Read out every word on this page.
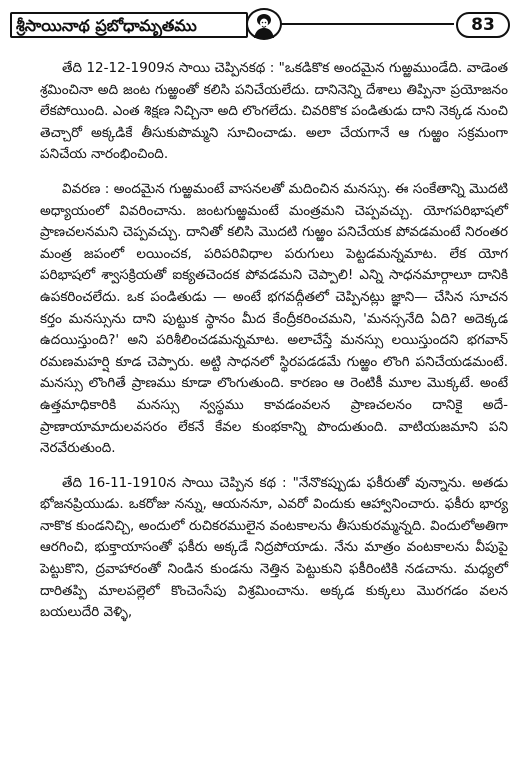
శ్రీసాయినాథ ప్రబోధామృతము	83

తేది 12-12-1909న సాయి చెప్పినకథ : "ఒకడికొక అందమైన గుఱ్ఱముండేది. వాడెంత శ్రమించినా అది జంట గుఱ్ఱంతో కలిసి పనిచేయలేదు. దానినెన్ని దేశాలు తిప్పినా ప్రయోజనం లేకపోయింది. ఎంత శిక్షణ నిచ్చినా అది లొంగలేదు. చివరికొక పండితుడు దాని నెక్కడ నుంచి తెచ్చారో అక్కడికే తీసుకుపొమ్మని సూచించాడు. అలా చేయగానే ఆ గుఱ్ఱం సక్రమంగా పనిచేయ నారంభించింది.

వివరణ : అందమైన గుఱ్ఱమంటే వాసనలతో మదించిన మనస్సు. ఈ సంకేతాన్ని మొదటి అధ్యాయంలో వివరించాను. జంటగుఱ్ఱమంటే మంత్రమని చెప్పవచ్చు. యోగపరిభాషలో ప్రాణచలనమని చెప్పవచ్చు. దానితో కలిసి మొదటి గుఱ్ఱం పనిచేయక పోవడమంటే నిరంతర మంత్ర జపంలో లయించక, పరిపరివిధాల పరుగులు పెట్టడమన్నమాట. లేక యోగ పరిభాషలో శ్వాసక్రియతో ఐక్యతచెందక పోవడమని చెప్పాలి! ఎన్ని సాధనమార్గాలూ దానికి ఉపకరించలేదు. ఒక పండితుడు — అంటే భగవద్గీతలో చెప్పినట్లు జ్ఞాని— చేసిన సూచన కర్తం మనస్సును దాని పుట్టుక స్థానం మీద కేంద్రీకరించమని, 'మనస్సనేది ఏది? అదెక్కడ ఉదయిస్తుంది?' అని పరిశీలించడమన్నమాట. అలాచేస్తే మనస్సు లయిస్తుందని భగవాన్ రమణమహర్షి కూడ చెప్పారు. అట్టి సాధనలో స్థిరపడడమే గుఱ్ఱం లొంగి పనిచేయడమంటే. మనస్సు లొంగితే ప్రాణము కూడా లొంగుతుంది. కారణం ఆ రెంటికీ మూల మొక్కటే. అంటే ఉత్తమాధికారికి మనస్సు న్వస్థము కావడంవలన ప్రాణచలనం దానికై అదే-ప్రాణాయామాదులవసరం లేకనే కేవల కుంభకాన్ని పొందుతుంది. వాటియజమాని పని నెరవేరుతుంది.

తేది 16-11-1910న సాయి చెప్పిన కథ : "నేనొకప్పుడు ఫకీరుతో వున్నాను. అతడు భోజనప్రియుడు. ఒకరోజు నన్ను, ఆయననూ, ఎవరో విందుకు ఆహ్వానించారు. ఫకీరు భార్య నాకొక కుండనిచ్చి, అందులో రుచికరములైన వంటకాలను తీసుకురమ్మన్నది. విందులోఅతిగా ఆరగించి, భుక్తాయాసంతో ఫకీరు అక్కడే నిద్రపోయాడు. నేను మాత్రం వంటకాలను వీపుపై పెట్టుకొని, ద్రవాహారంతో నిండిన కుండను నెత్తిన పెట్టుకుని ఫకీరింటికి నడచాను. మధ్యలో దారితప్పి మాలపల్లెలో కొంచెంసేపు విశ్రమించాను. అక్కడ కుక్కలు మొరగడం వలన బయలుదేరి వెళ్ళి,
